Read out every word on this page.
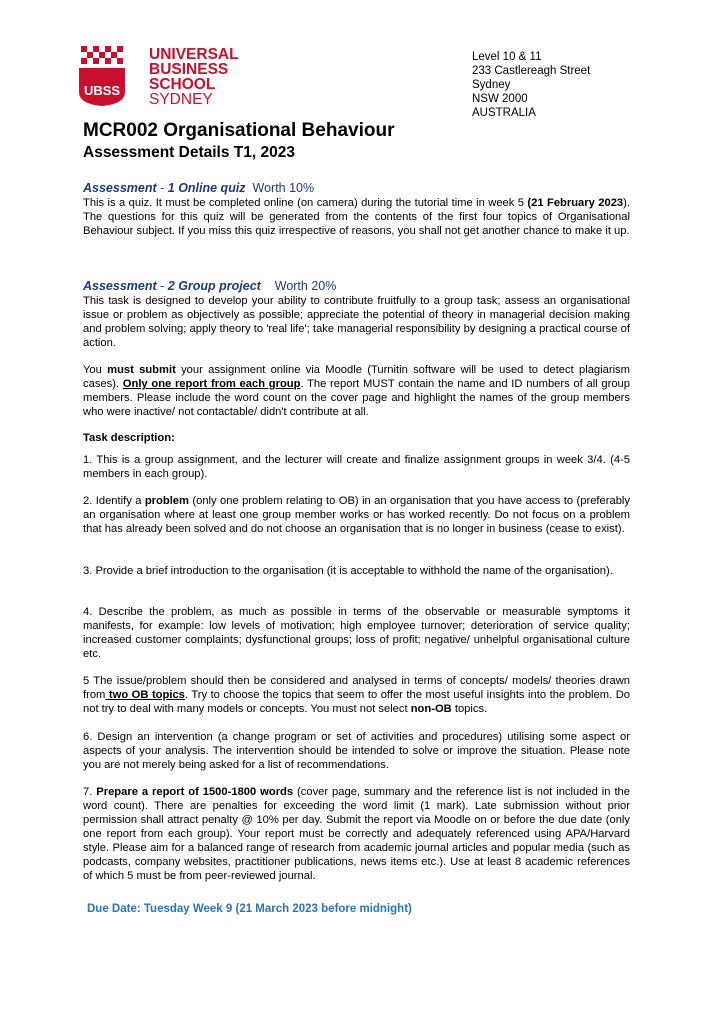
UBSS
UNIVERSAL
BUSINESS
SCHOOL
SYDNEY
Level 10 & 11
233 Castlereagh Street
Sydney
NSW 2000
AUSTRALIA
MCR002 Organisational Behaviour
Assessment Details T1, 2023
Assessment - 1 Online quiz Worth 10%

This is a quiz. It must be completed online (on camera) during the tutorial time in week 5 (21 February 2023). The questions for this quiz will be generated from the contents of the first four topics of Organisational Behaviour subject. If you miss this quiz irrespective of reasons, you shall not get another chance to make it up.

Assessment - 2 Group project Worth 20%

This task is designed to develop your ability to contribute fruitfully to a group task; assess an organisational issue or problem as objectively as possible; appreciate the potential of theory in managerial decision making and problem solving; apply theory to 'real life'; take managerial responsibility by designing a practical course of action.

You must submit your assignment online via Moodle (Turnitin software will be used to detect plagiarism cases). Only one report from each group. The report MUST contain the name and ID numbers of all group members. Please include the word count on the cover page and highlight the names of the group members who were inactive/ not contactable/ didn't contribute at all.

Task description:

1. This is a group assignment, and the lecturer will create and finalize assignment groups in week 3/4. (4-5 members in each group).

2. Identify a problem (only one problem relating to OB) in an organisation that you have access to (preferably an organisation where at least one group member works or has worked recently. Do not focus on a problem that has already been solved and do not choose an organisation that is no longer in business (cease to exist).

3. Provide a brief introduction to the organisation (it is acceptable to withhold the name of the organisation).

4. Describe the problem, as much as possible in terms of the observable or measurable symptoms it manifests, for example: low levels of motivation; high employee turnover; deterioration of service quality; increased customer complaints; dysfunctional groups; loss of profit; negative/ unhelpful organisational culture etc.

5 The issue/problem should then be considered and analysed in terms of concepts/ models/ theories drawn from two OB topics. Try to choose the topics that seem to offer the most useful insights into the problem. Do not try to deal with many models or concepts. You must not select non-OB topics.

6. Design an intervention (a change program or set of activities and procedures) utilising some aspect or aspects of your analysis. The intervention should be intended to solve or improve the situation. Please note you are not merely being asked for a list of recommendations.

7. Prepare a report of 1500-1800 words (cover page, summary and the reference list is not included in the word count). There are penalties for exceeding the word limit (1 mark). Late submission without prior permission shall attract penalty @ 10% per day. Submit the report via Moodle on or before the due date (only one report from each group). Your report must be correctly and adequately referenced using APA/Harvard style. Please aim for a balanced range of research from academic journal articles and popular media (such as podcasts, company websites, practitioner publications, news items etc.). Use at least 8 academic references of which 5 must be from peer-reviewed journal.

Due Date: Tuesday Week 9 (21 March 2023 before midnight)
